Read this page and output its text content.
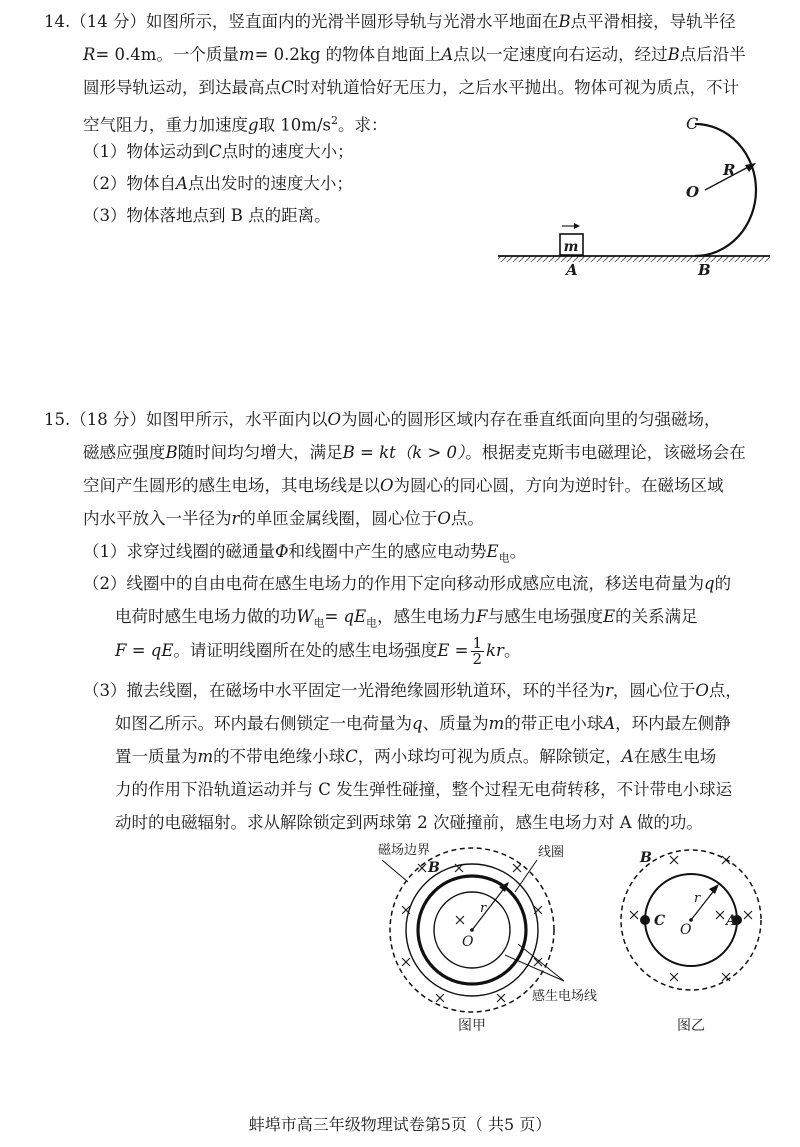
14.（14 分）如图所示，竖直面内的光滑半圆形导轨与光滑水平地面在B点平滑相接，导轨半径
R= 0.4m。一个质量m= 0.2kg 的物体自地面上A点以一定速度向右运动，经过B点后沿半
圆形导轨运动，到达最高点C时对轨道恰好无压力，之后水平抛出。物体可视为质点，不计
空气阻力，重力加速度g取 $10m/s^2$。求：
（1）物体运动到C点时的速度大小；
（2）物体自A点出发时的速度大小；
（3）物体落地点到 B 点的距离。
m
C
R
O
A	B
15.（18 分）如图甲所示，水平面内以O为圆心的圆形区域内存在垂直纸面向里的匀强磁场，
磁感应强度B随时间均匀增大，满足B = kt（k > 0）。根据麦克斯韦电磁理论，该磁场会在
空间产生圆形的感生电场，其电场线是以O为圆心的同心圆，方向为逆时针。在磁场区域
内水平放入一半径为r的单匝金属线圈，圆心位于O点。
（1）求穿过线圈的磁通量Φ和线圈中产生的感应电动势$E_电$。
（2）线圈中的自由电荷在感生电场力的作用下定向移动形成感应电流，移送电荷量为q的
电荷时感生电场力做的功$W_电= qE_电$，感生电场力F与感生电场强度E的关系满足
F = qE。请证明线圈所在处的感生电场强度$E = \frac{1}{2}$ kr。
（3）撤去线圈，在磁场中水平固定一光滑绝缘圆形轨道环，环的半径为r，圆心位于O点，
如图乙所示。环内最右侧锁定一电荷量为q、质量为m的带正电小球A，环内最左侧静
置一质量为m的不带电绝缘小球C，两小球均可视为质点。解除锁定，A在感生电场
力的作用下沿轨道运动并与 C 发生弹性碰撞，整个过程无电荷转移，不计带电小球运
动时的电磁辐射。求从解除锁定到两球第 2 次碰撞前，感生电场力对 A 做的功。
磁场边界	线圈
B
r
O
感生电场线
图甲
B
r
C
O
A
图乙
蚌埠市高三年级物理试卷第5页（ 共5 页）
